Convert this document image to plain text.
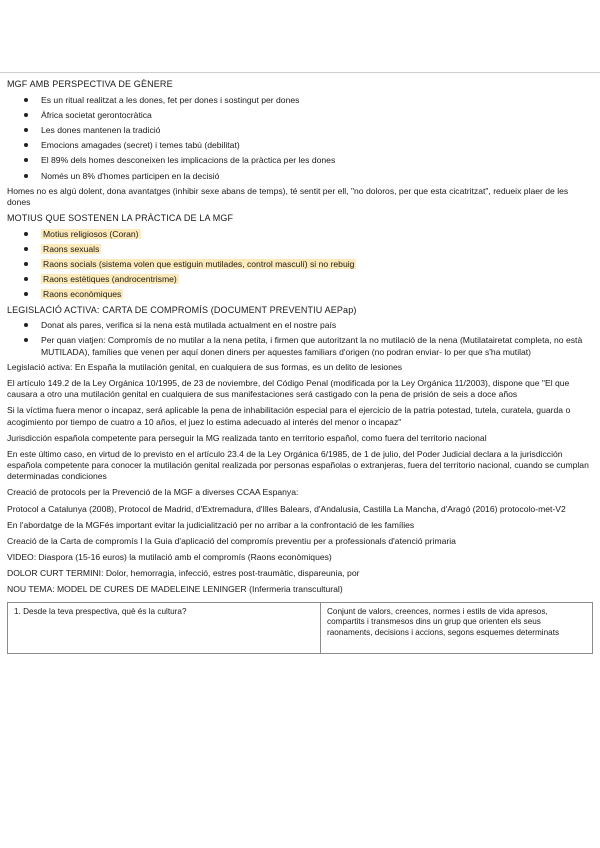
MGF AMB PERSPECTIVA DE GÈNERE
Es un ritual realitzat a les dones, fet per dones i sostingut per dones
Àfrica societat gerontocràtica
Les dones mantenen la tradició
Emocions amagades (secret) i temes tabú (debilitat)
El 89% dels homes desconeixen les implicacions de la pràctica per les dones
Només un 8% d'homes participen en la decisió

Homes no es algú dolent, dona avantatges (inhibir sexe abans de temps), té sentit per ell, "no doloros, per que esta cicatritzat", redueix plaer de les dones

MOTIUS QUE SOSTENEN LA PRÀCTICA DE LA MGF
Motius religiosos (Coran)
Raons sexuals
Raons socials (sistema volen que estiguin mutilades, control masculí) si no rebuig
Raons estètiques (androcentrisme)
Raons econòmiques
LEGISLACIÓ ACTIVA: CARTA DE COMPROMÍS (DOCUMENT PREVENTIU AEPap)
Donat als pares, verifica si la nena està mutilada actualment en el nostre país
Per quan viatjen: Compromís de no mutilar a la nena petita, i firmen que autoritzant la no mutilació de la nena (Mutilatairetat completa, no està MUTILADA), famílies que venen per aquí donen diners per aquestes familiars d'origen (no podran enviar- lo per que s'ha mutilat)

Legislació activa: En España la mutilación genital, en cualquiera de sus formas, es un delito de lesiones

El artículo 149.2 de la Ley Orgánica 10/1995, de 23 de noviembre, del Código Penal (modificada por la Ley Orgánica 11/2003), dispone que "El que causara a otro una mutilación genital en cualquiera de sus manifestaciones será castigado con la pena de prisión de seis a doce años

Si la víctima fuera menor o incapaz, será aplicable la pena de inhabilitación especial para el ejercicio de la patria potestad, tutela, curatela, guarda o acogimiento por tiempo de cuatro a 10 años, el juez lo estima adecuado al interés del menor o incapaz"

Jurisdicción española competente para perseguir la MG realizada tanto en territorio español, como fuera del territorio nacional

En este último caso, en virtud de lo previsto en el artículo 23.4 de la Ley Orgánica 6/1985, de 1 de julio, del Poder Judicial declara a la jurisdicción española competente para conocer la mutilación genital realizada por personas españolas o extranjeras, fuera del territorio nacional, cuando se cumplan determinadas condiciones

Creació de protocols per la Prevenció de la MGF a diverses CCAA Espanya:

Protocol a Catalunya (2008), Protocol de Madrid, d'Extremadura, d'Illes Balears, d'Andalusia, Castilla La Mancha, d'Aragó (2016) protocolo-met-V2

En l'abordatge de la MGFés important evitar la judicialització per no arribar a la confrontació de les famílies

Creació de la Carta de compromís I la Guia d'aplicació del compromís preventiu per a professionals d'atenció primaria

VIDEO: Diaspora (15-16 euros) la mutilació amb el compromís (Raons econòmiques)

DOLOR CURT TERMINI: Dolor, hemorragia, infecció, estres post-traumàtic, dispareunia, por

NOU TEMA: MODEL DE CURES DE MADELEINE LENINGER (Infermeria transcultural)

1. Desde la teva prespectiva, què és la cultura?	Conjunt de valors, creences, normes i estils de vida apresos, compartits i transmesos dins un grup que orienten els seus raonaments, decisions i accions, segons esquemes determinats
